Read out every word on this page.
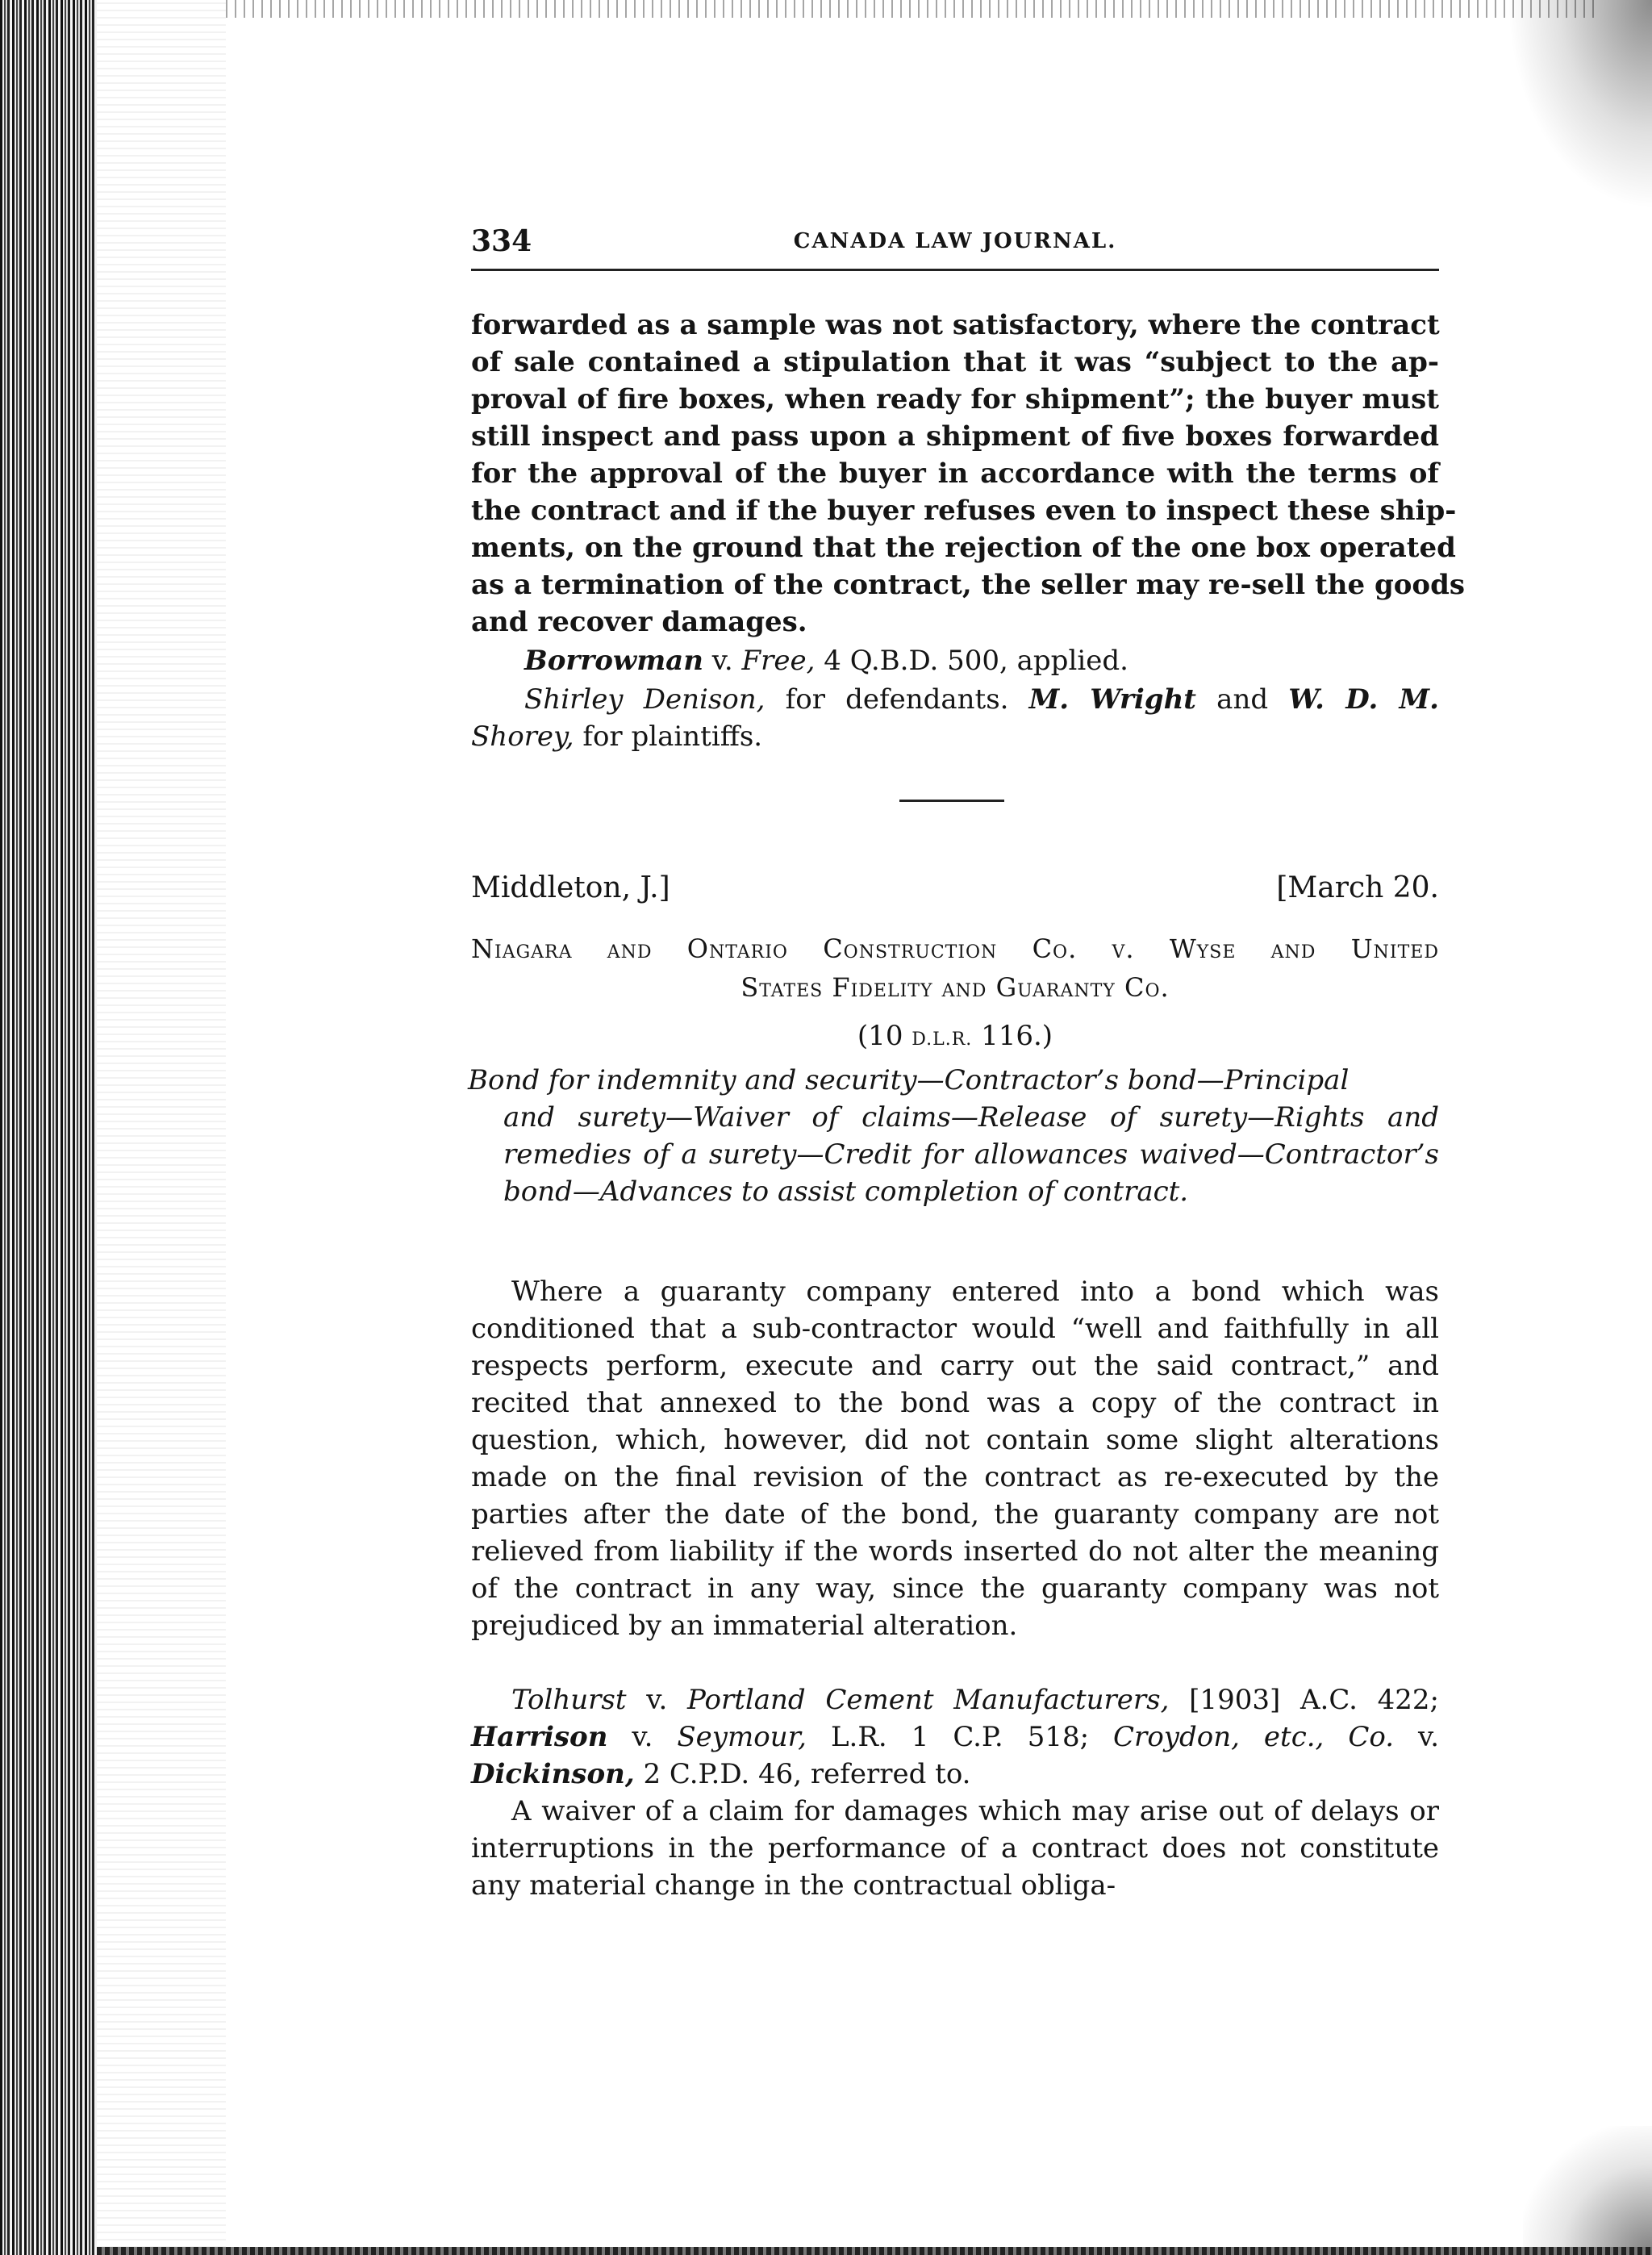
334	CANADA LAW JOURNAL.
forwarded as a sample was not satisfactory, where the contract
of sale contained a stipulation that it was “subject to the ap-
proval of fire boxes, when ready for shipment”; the buyer must
still inspect and pass upon a shipment of five boxes forwarded
for the approval of the buyer in accordance with the terms of
the contract and if the buyer refuses even to inspect these ship-
ments, on the ground that the rejection of the one box operated
as a termination of the contract, the seller may re-sell the goods
and recover damages.
Borrowman v. Free, 4 Q.B.D. 500, applied.
Shirley Denison, for defendants. M. Wright and W. D. M.
Shorey, for plaintiffs.
Middleton, J.]	[March 20.
Niagara and Ontario Construction Co. v. Wyse and United
States Fidelity and Guaranty Co.
(10 D.L.R. 116.)
Bond for indemnity and security—Contractor’s bond—Principal
and surety—Waiver of claims—Release of surety—Rights and remedies of a surety—Credit for allowances waived—Contractor’s bond—Advances to assist completion of contract.

Where a guaranty company entered into a bond which was conditioned that a sub-contractor would “well and faithfully in all respects perform, execute and carry out the said contract,” and recited that annexed to the bond was a copy of the contract in question, which, however, did not contain some slight alterations made on the final revision of the contract as re-executed by the parties after the date of the bond, the guaranty company are not relieved from liability if the words inserted do not alter the meaning of the contract in any way, since the guaranty company was not prejudiced by an immaterial alteration.

Tolhurst v. Portland Cement Manufacturers, [1903] A.C. 422; Harrison v. Seymour, L.R. 1 C.P. 518; Croydon, etc., Co. v. Dickinson, 2 C.P.D. 46, referred to.

A waiver of a claim for damages which may arise out of delays or interruptions in the performance of a contract does not constitute any material change in the contractual obliga-
